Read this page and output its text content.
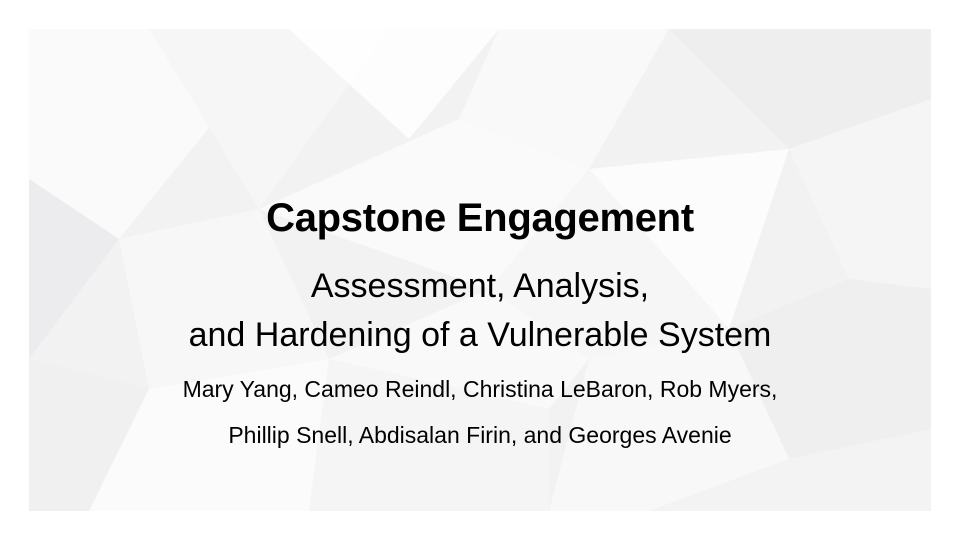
Capstone Engagement

Assessment, Analysis,

and Hardening of a Vulnerable System

Mary Yang, Cameo Reindl, Christina LeBaron, Rob Myers,

Phillip Snell, Abdisalan Firin, and Georges Avenie
